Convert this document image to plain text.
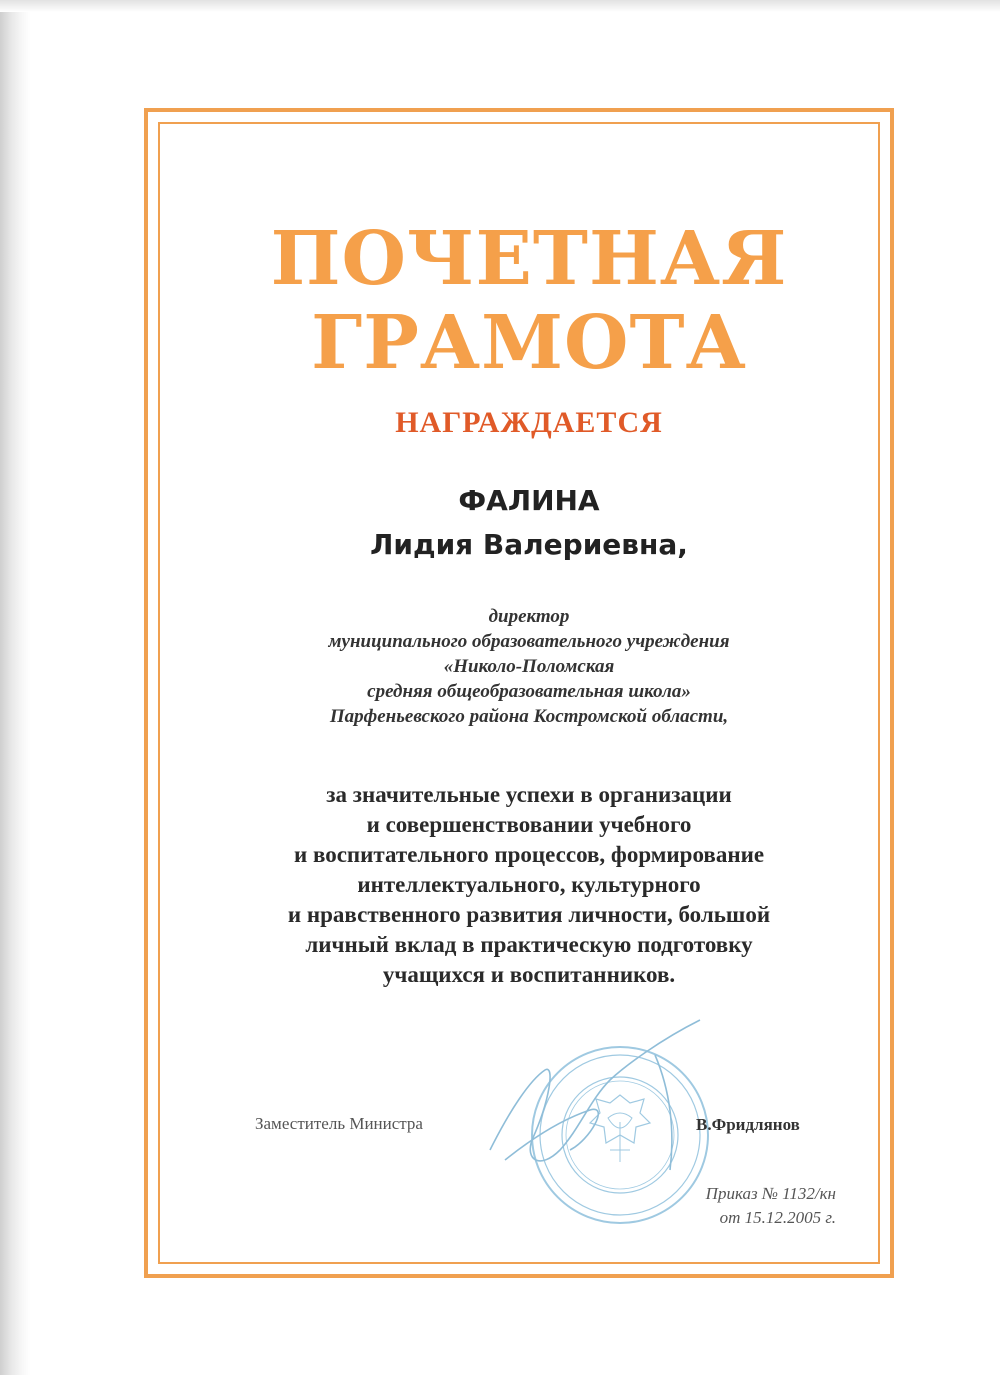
ПОЧЕТНАЯ
ГРАМОТА
НАГРАЖДАЕТСЯ
ФАЛИНА
Лидия Валериевна,
директор
муниципального образовательного учреждения
«Николо-Поломская
средняя общеобразовательная школа»
Парфеньевского района Костромской области,
за значительные успехи в организации
и совершенствовании учебного
и воспитательного процессов, формирование
интеллектуального, культурного
и нравственного развития личности, большой
личный вклад в практическую подготовку
учащихся и воспитанников.
Заместитель Министра	В.Фридлянов
Приказ № 1132/кн
от 15.12.2005 г.
